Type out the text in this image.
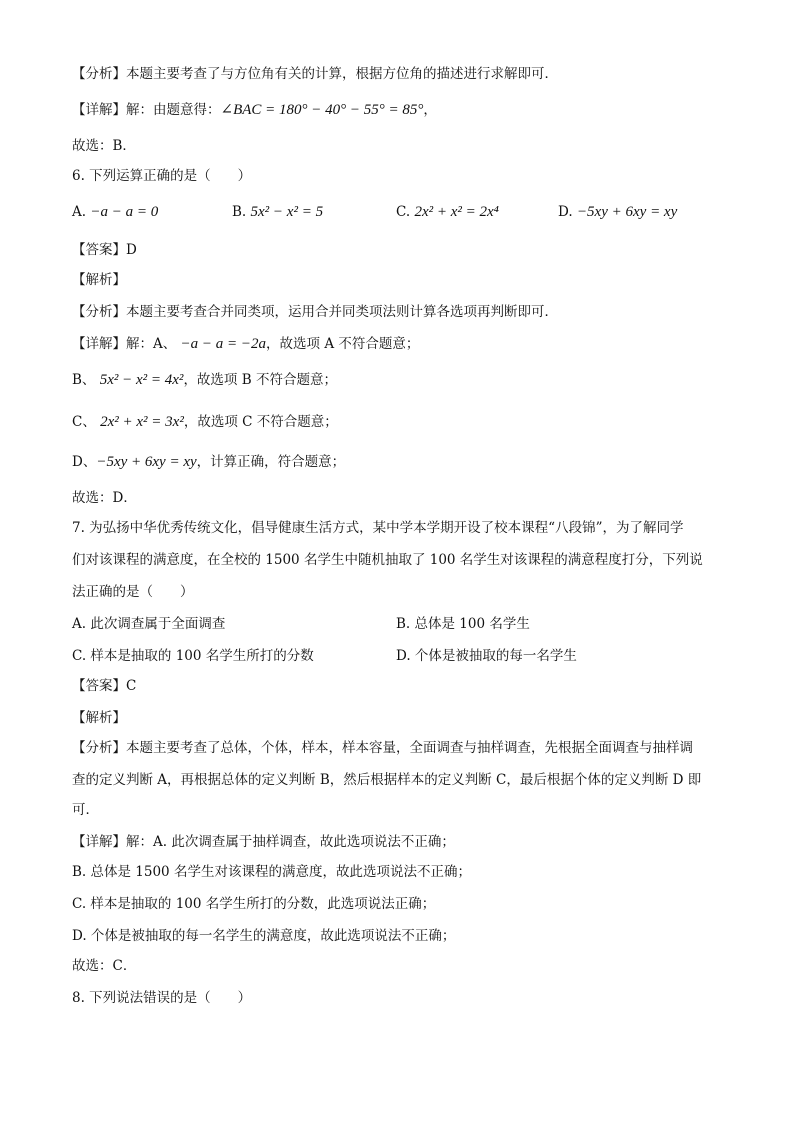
【分析】本题主要考查了与方位角有关的计算，根据方位角的描述进行求解即可．
【详解】解：由题意得：∠BAC = 180° − 40° − 55° = 85°，
故选：B．
6. 下列运算正确的是（　　）
A. −a − a = 0	B. 5x² − x² = 5	C. 2x² + x² = 2x⁴	D. −5xy + 6xy = xy
【答案】D
【解析】
【分析】本题主要考查合并同类项，运用合并同类项法则计算各选项再判断即可．
【详解】解：A、 −a − a = −2a，故选项 A 不符合题意；
B、 5x² − x² = 4x²，故选项 B 不符合题意；
C、 2x² + x² = 3x²，故选项 C 不符合题意；
D、−5xy + 6xy = xy，计算正确，符合题意；
故选：D．
7. 为弘扬中华优秀传统文化，倡导健康生活方式，某中学本学期开设了校本课程“八段锦”，为了解同学
们对该课程的满意度，在全校的 1500 名学生中随机抽取了 100 名学生对该课程的满意程度打分，下列说
法正确的是（　　）
A. 此次调查属于全面调查	B. 总体是 100 名学生
C. 样本是抽取的 100 名学生所打的分数	D. 个体是被抽取的每一名学生
【答案】C
【解析】
【分析】本题主要考查了总体，个体，样本，样本容量，全面调查与抽样调查，先根据全面调查与抽样调
查的定义判断 A，再根据总体的定义判断 B，然后根据样本的定义判断 C，最后根据个体的定义判断 D 即
可．
【详解】解：A. 此次调查属于抽样调查，故此选项说法不正确；
B. 总体是 1500 名学生对该课程的满意度，故此选项说法不正确；
C. 样本是抽取的 100 名学生所打的分数，此选项说法正确；
D. 个体是被抽取的每一名学生的满意度，故此选项说法不正确；
故选：C．
8. 下列说法错误的是（　　）
